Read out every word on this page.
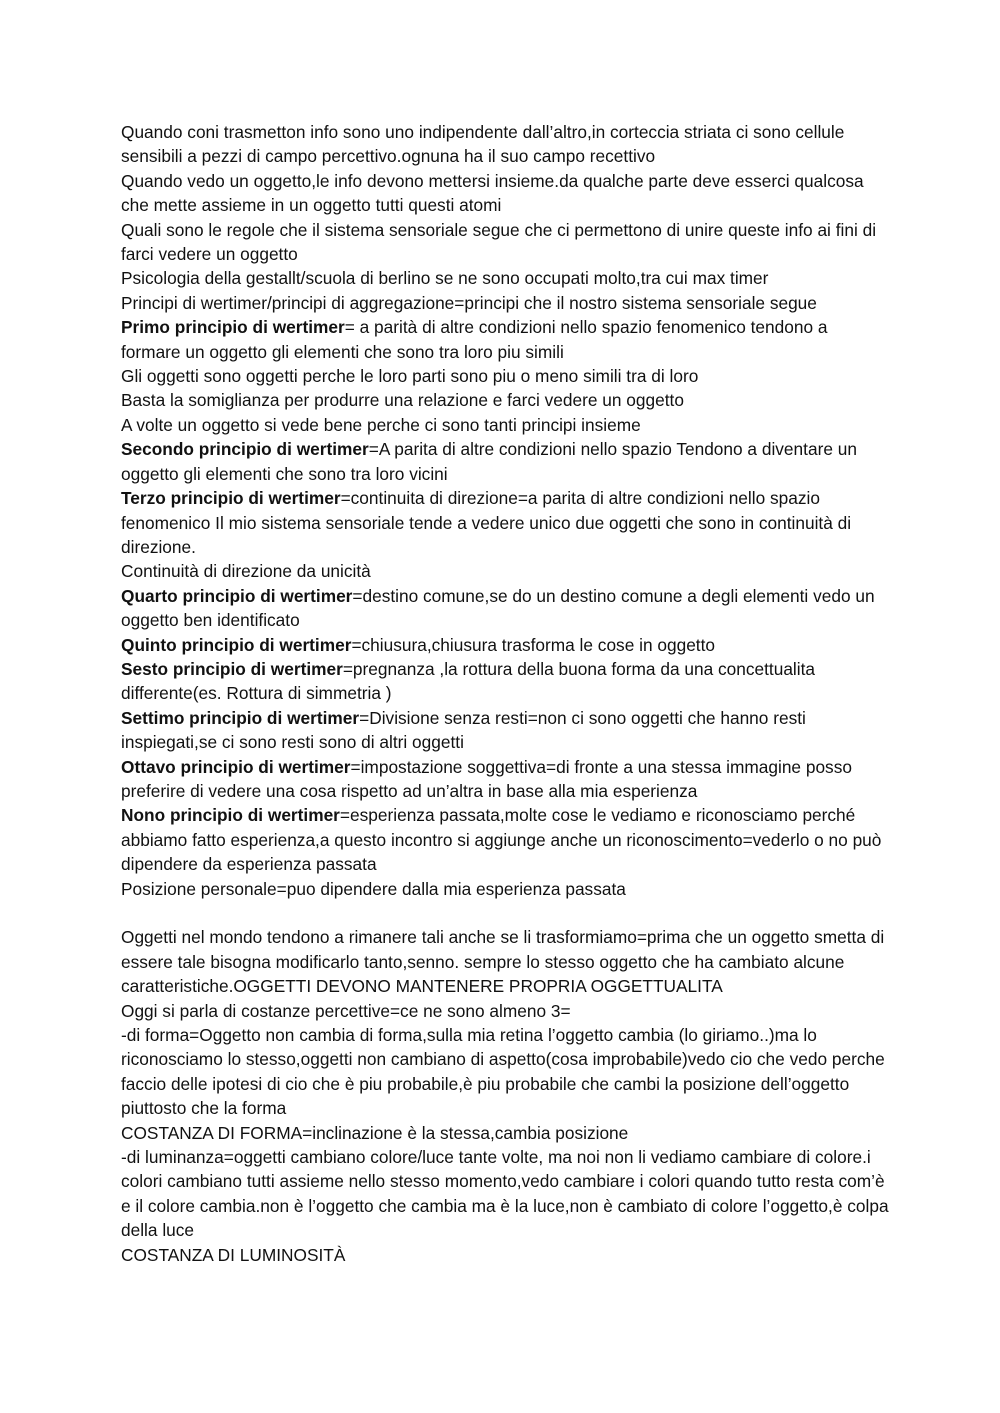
Quando coni trasmetton info sono uno indipendente dall’altro,in corteccia striata ci sono cellule sensibili a pezzi di campo percettivo.ognuna ha il suo campo recettivo

Quando vedo un oggetto,le info devono mettersi insieme.da qualche parte deve esserci qualcosa che mette assieme in un oggetto tutti questi atomi

Quali sono le regole che il sistema sensoriale segue che ci permettono di unire queste info ai fini di farci vedere un oggetto

Psicologia della gestallt/scuola di berlino se ne sono occupati molto,tra cui max timer

Principi di wertimer/principi di aggregazione=principi che il nostro sistema sensoriale segue

Primo principio di wertimer= a parità di altre condizioni nello spazio fenomenico tendono a formare un oggetto gli elementi che sono tra loro piu simili

Gli oggetti sono oggetti perche le loro parti sono piu o meno simili tra di loro

Basta la somiglianza per produrre una relazione e farci vedere un oggetto

A volte un oggetto si vede bene perche ci sono tanti principi insieme

Secondo principio di wertimer=A parita di altre condizioni nello spazio Tendono a diventare un oggetto gli elementi che sono tra loro vicini

Terzo principio di wertimer=continuita di direzione=a parita di altre condizioni nello spazio fenomenico Il mio sistema sensoriale tende a vedere unico due oggetti che sono in continuità di direzione.

Continuità di direzione da unicità

Quarto principio di wertimer=destino comune,se do un destino comune a degli elementi vedo un oggetto ben identificato

Quinto principio di wertimer=chiusura,chiusura trasforma le cose in oggetto

Sesto principio di wertimer=pregnanza ,la rottura della buona forma da una concettualita differente(es. Rottura di simmetria )

Settimo principio di wertimer=Divisione senza resti=non ci sono oggetti che hanno resti inspiegati,se ci sono resti sono di altri oggetti

Ottavo principio di wertimer=impostazione soggettiva=di fronte a una stessa immagine posso preferire di vedere una cosa rispetto ad un’altra in base alla mia esperienza

Nono principio di wertimer=esperienza passata,molte cose le vediamo e riconosciamo perché abbiamo fatto esperienza,a questo incontro si aggiunge anche un riconoscimento=vederlo o no può dipendere da esperienza passata

Posizione personale=puo dipendere dalla mia esperienza passata

Oggetti nel mondo tendono a rimanere tali anche se li trasformiamo=prima che un oggetto smetta di essere tale bisogna modificarlo tanto,senno. sempre lo stesso oggetto che ha cambiato alcune caratteristiche.OGGETTI DEVONO MANTENERE PROPRIA OGGETTUALITA

Oggi si parla di costanze percettive=ce ne sono almeno 3=

-di forma=Oggetto non cambia di forma,sulla mia retina l’oggetto cambia (lo giriamo..)ma lo riconosciamo lo stesso,oggetti non cambiano di aspetto(cosa improbabile)vedo cio che vedo perche faccio delle ipotesi di cio che è piu probabile,è piu probabile che cambi la posizione dell’oggetto piuttosto che la forma

COSTANZA DI FORMA=inclinazione è la stessa,cambia posizione

-di luminanza=oggetti cambiano colore/luce tante volte, ma noi non li vediamo cambiare di colore.i colori cambiano tutti assieme nello stesso momento,vedo cambiare i colori quando tutto resta com’è e il colore cambia.non è l’oggetto che cambia ma è la luce,non è cambiato di colore l’oggetto,è colpa della luce

COSTANZA DI LUMINOSITÀ
